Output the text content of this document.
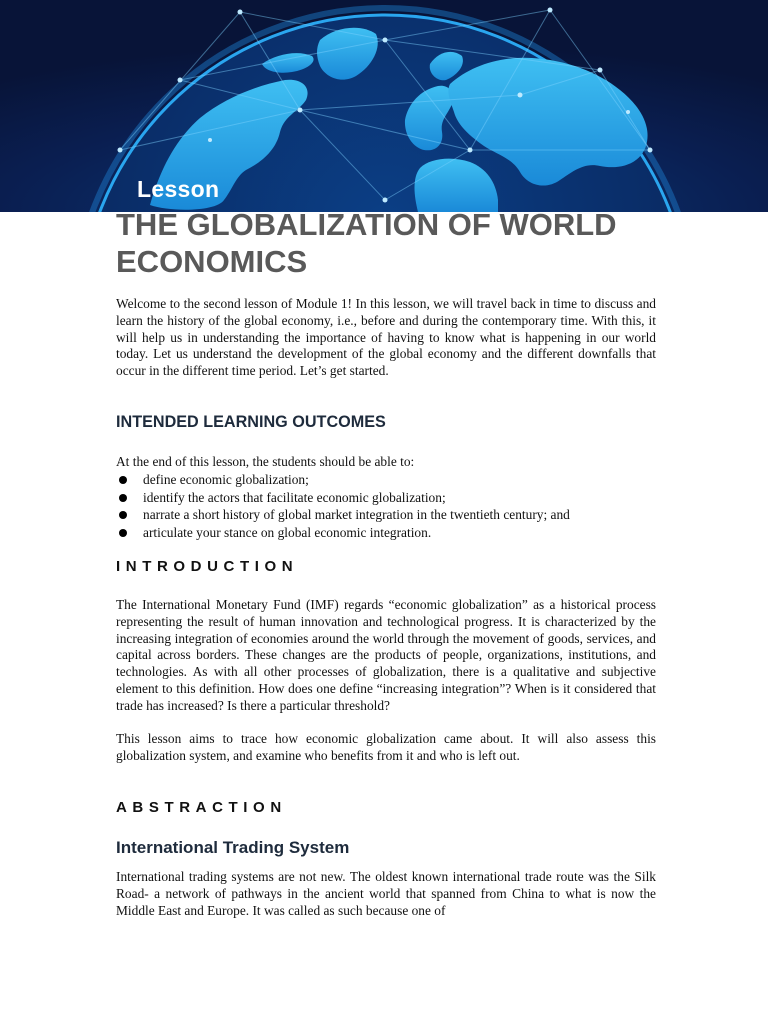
Lesson

THE GLOBALIZATION OF WORLD ECONOMICS

Welcome to the second lesson of Module 1! In this lesson, we will travel back in time to discuss and learn the history of the global economy, i.e., before and during the contemporary time. With this, it will help us in understanding the importance of having to know what is happening in our world today. Let us understand the development of the global economy and the different downfalls that occur in the different time period. Let’s get started.

INTENDED LEARNING OUTCOMES

At the end of this lesson, the students should be able to:

define economic globalization;
identify the actors that facilitate economic globalization;
narrate a short history of global market integration in the twentieth century; and
articulate your stance on global economic integration.
INTRODUCTION

The International Monetary Fund (IMF) regards “economic globalization” as a historical process representing the result of human innovation and technological progress. It is characterized by the increasing integration of economies around the world through the movement of goods, services, and capital across borders. These changes are the products of people, organizations, institutions, and technologies. As with all other processes of globalization, there is a qualitative and subjective element to this definition. How does one define “increasing integration”? When is it considered that trade has increased? Is there a particular threshold?

This lesson aims to trace how economic globalization came about. It will also assess this globalization system, and examine who benefits from it and who is left out.

ABSTRACTION
International Trading System

International trading systems are not new. The oldest known international trade route was the Silk Road- a network of pathways in the ancient world that spanned from China to what is now the Middle East and Europe. It was called as such because one of
